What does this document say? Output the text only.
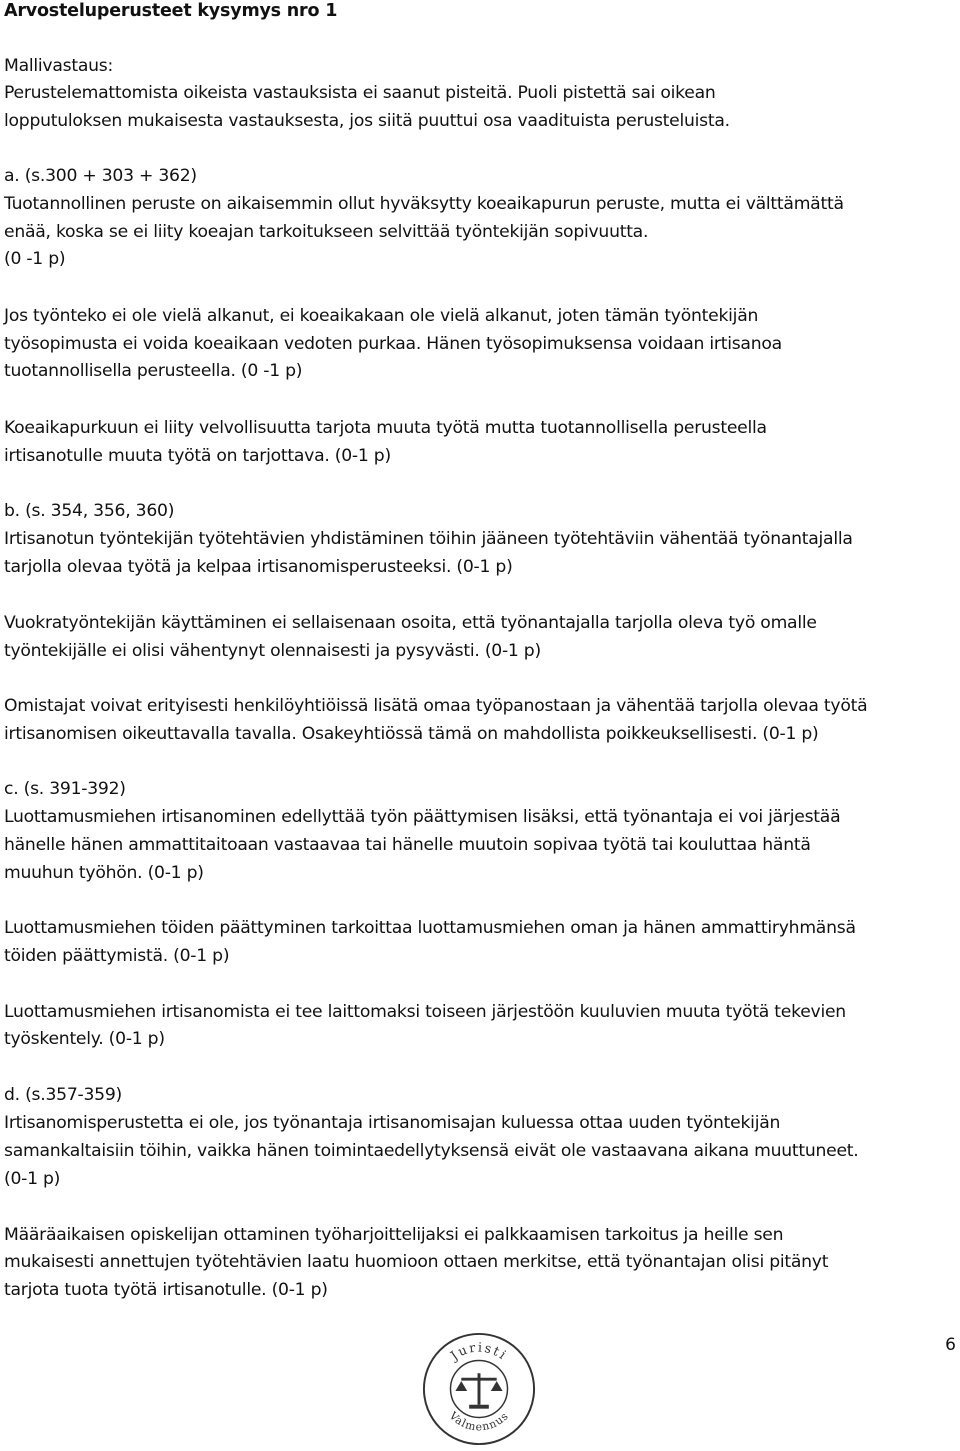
Arvosteluperusteet kysymys nro 1
Mallivastaus:
Perustelemattomista oikeista vastauksista ei saanut pisteitä. Puoli pistettä sai oikean
lopputuloksen mukaisesta vastauksesta, jos siitä puuttui osa vaadituista perusteluista.
a. (s.300 + 303 + 362)
Tuotannollinen peruste on aikaisemmin ollut hyväksytty koeaikapurun peruste, mutta ei välttämättä
enää, koska se ei liity koeajan tarkoitukseen selvittää työntekijän sopivuutta.
(0 -1 p)
Jos työnteko ei ole vielä alkanut, ei koeaikakaan ole vielä alkanut, joten tämän työntekijän
työsopimusta ei voida koeaikaan vedoten purkaa. Hänen työsopimuksensa voidaan irtisanoa
tuotannollisella perusteella. (0 -1 p)
Koeaikapurkuun ei liity velvollisuutta tarjota muuta työtä mutta tuotannollisella perusteella
irtisanotulle muuta työtä on tarjottava. (0-1 p)
b. (s. 354, 356, 360)
Irtisanotun työntekijän työtehtävien yhdistäminen töihin jääneen työtehtäviin vähentää työnantajalla
tarjolla olevaa työtä ja kelpaa irtisanomisperusteeksi. (0-1 p)
Vuokratyöntekijän käyttäminen ei sellaisenaan osoita, että työnantajalla tarjolla oleva työ omalle
työntekijälle ei olisi vähentynyt olennaisesti ja pysyvästi. (0-1 p)
Omistajat voivat erityisesti henkilöyhtiöissä lisätä omaa työpanostaan ja vähentää tarjolla olevaa työtä
irtisanomisen oikeuttavalla tavalla. Osakeyhtiössä tämä on mahdollista poikkeuksellisesti. (0-1 p)
c. (s. 391-392)
Luottamusmiehen irtisanominen edellyttää työn päättymisen lisäksi, että työnantaja ei voi järjestää
hänelle hänen ammattitaitoaan vastaavaa tai hänelle muutoin sopivaa työtä tai kouluttaa häntä
muuhun työhön. (0-1 p)
Luottamusmiehen töiden päättyminen tarkoittaa luottamusmiehen oman ja hänen ammattiryhmänsä
töiden päättymistä. (0-1 p)
Luottamusmiehen irtisanomista ei tee laittomaksi toiseen järjestöön kuuluvien muuta työtä tekevien
työskentely. (0-1 p)
d. (s.357-359)
Irtisanomisperustetta ei ole, jos työnantaja irtisanomisajan kuluessa ottaa uuden työntekijän
samankaltaisiin töihin, vaikka hänen toimintaedellytyksensä eivät ole vastaavana aikana muuttuneet.
(0-1 p)
Määräaikaisen opiskelijan ottaminen työharjoittelijaksi ei palkkaamisen tarkoitus ja heille sen
mukaisesti annettujen työtehtävien laatu huomioon ottaen merkitse, että työnantajan olisi pitänyt
tarjota tuota työtä irtisanotulle. (0-1 p)
Juristi
Valmennus
6
